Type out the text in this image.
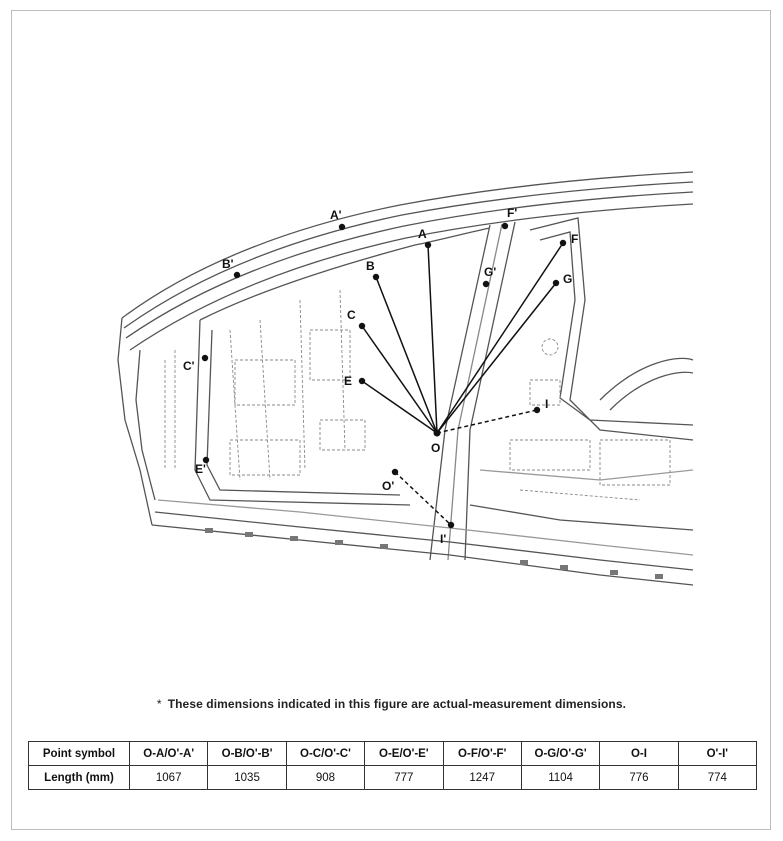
A'
A
B'	B
C
C'
E
E'
F'
F
G'	G
O
O'
I
I'
* These dimensions indicated in this figure are actual-measurement dimensions.
Point symbol	O-A/O'-A'	O-B/O'-B'	O-C/O'-C'	O-E/O'-E'	O-F/O'-F'	O-G/O'-G'	O-I	O'-I'
Length (mm)	1067	1035	908	777	1247	1104	776	774
